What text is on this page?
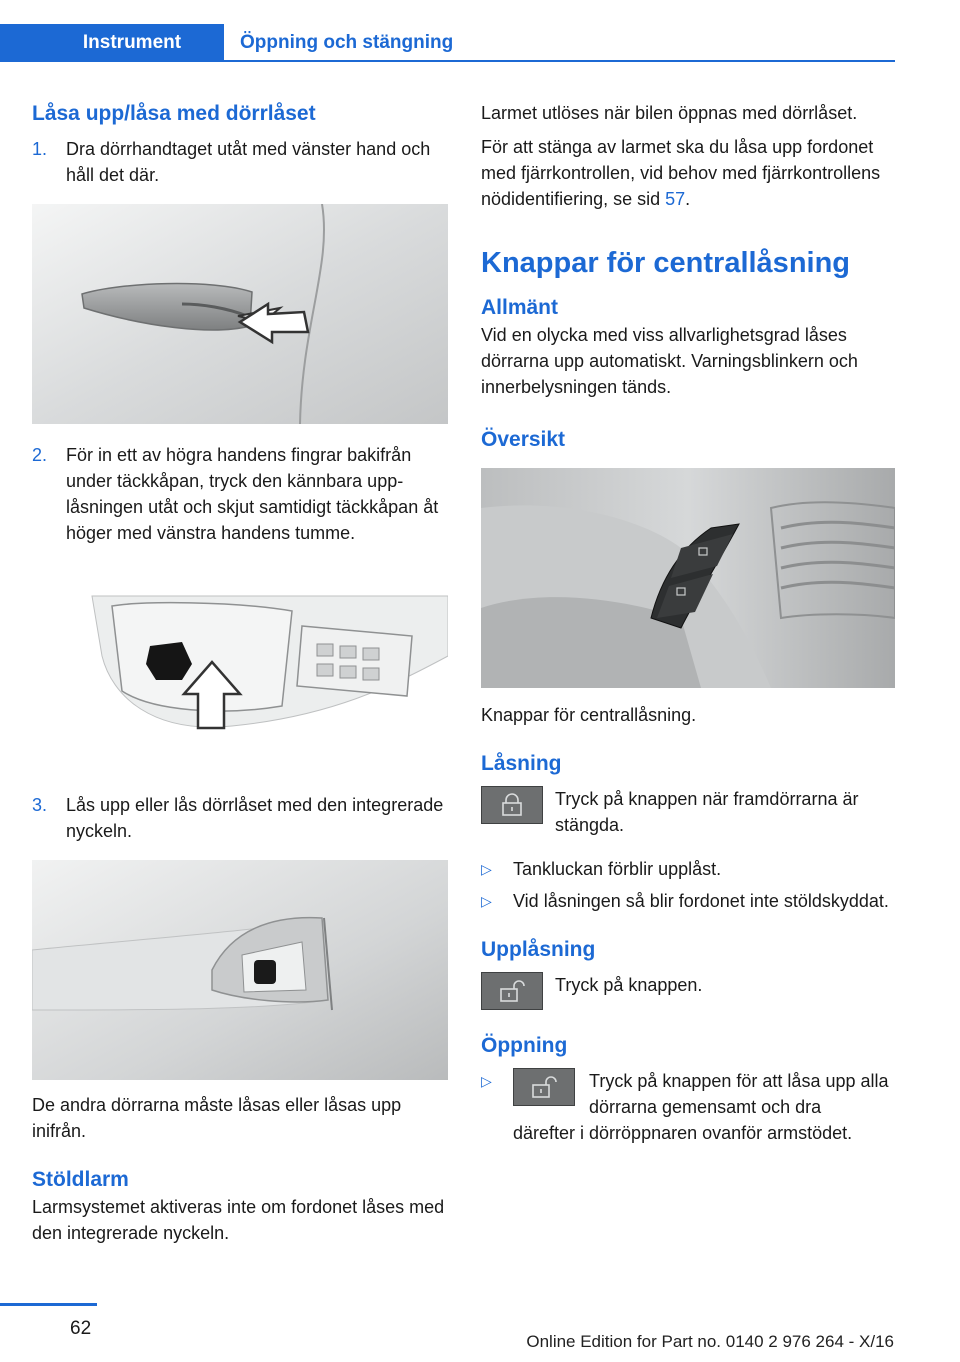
Instrument	Öppning och stängning
Låsa upp/låsa med dörrlåset
1.	Dra dörrhandtaget utåt med vänster hand och håll det där.
2.	För in ett av högra handens fingrar bakifrån under täckkåpan, tryck den kännbara upplåsningen utåt och skjut samtidigt täckkåpan åt höger med vänstra handens tumme.
3.	Lås upp eller lås dörrlåset med den integrerade nyckeln.

De andra dörrarna måste låsas eller låsas upp inifrån.

Stöldlarm

Larmsystemet aktiveras inte om fordonet låses med den integrerade nyckeln.

Larmet utlöses när bilen öppnas med dörrlåset.

För att stänga av larmet ska du låsa upp fordonet med fjärrkontrollen, vid behov med fjärrkontrollens nödidentifiering, se sid 57.

Knappar för centrallåsning
Allmänt

Vid en olycka med viss allvarlighetsgrad låses dörrarna upp automatiskt. Varningsblinkern och innerbelysningen tänds.

Översikt

Knappar för centrallåsning.

Låsning
Tryck på knappen när framdörrarna är stängda.
▷	Tankluckan förblir upplåst.
▷	Vid låsningen så blir fordonet inte stöldskyddat.
Upplåsning
Tryck på knappen.
Öppning
▷	Tryck på knappen för att låsa upp alla dörrarna gemensamt och dra
därefter i dörröppnaren ovanför armstödet.
62
Online Edition for Part no. 0140 2 976 264 - X/16
